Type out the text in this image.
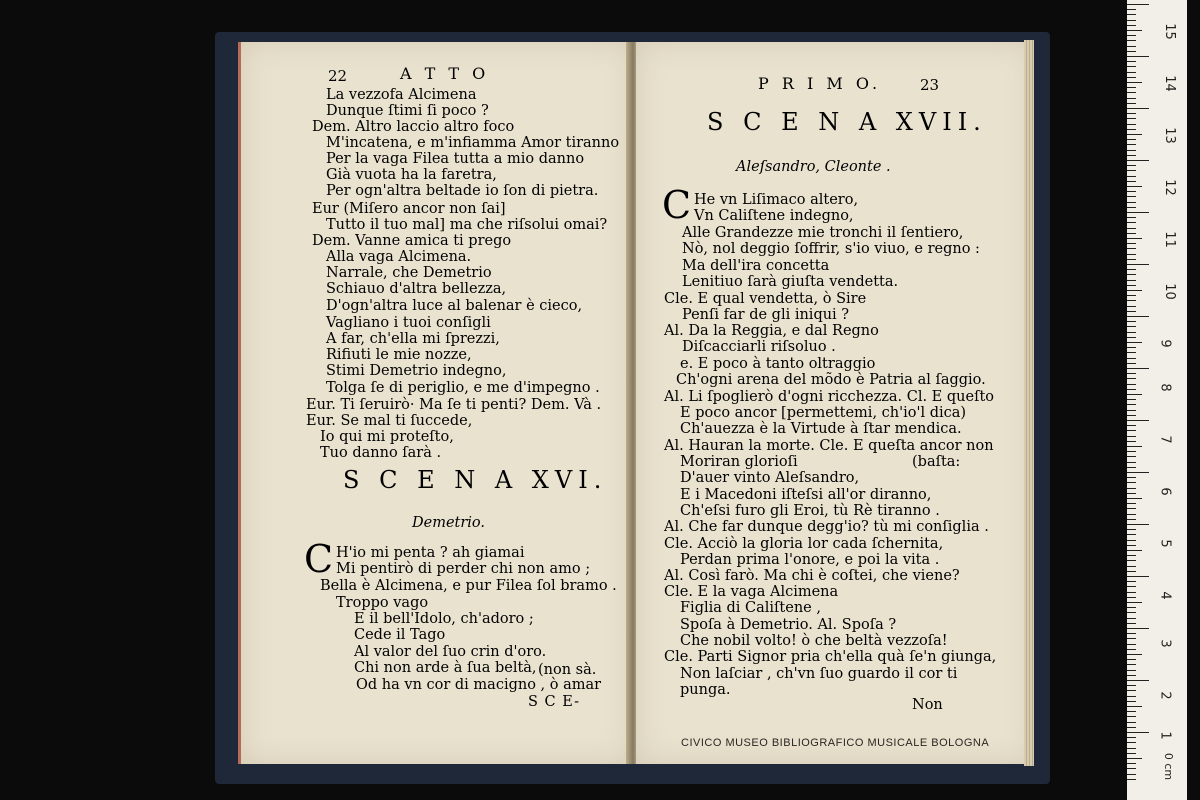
22	A T T O
La vezzofa Alcimena
Dunque ſtimi ſi poco ?
Dem. Altro laccio altro foco
M'incatena, e m'infiamma Amor tiranno
Per la vaga Filea tutta a mio danno
Già vuota ha la faretra,
Per ogn'altra beltade io ſon di pietra.
Eur (Miſero ancor non ſai]
Tutto il tuo mal] ma che riſsolui omai?
Dem. Vanne amica ti prego
Alla vaga Alcimena.
Narrale, che Demetrio
Schiauo d'altra bellezza,
D'ogn'altra luce al balenar è cieco,
Vagliano i tuoi conſigli
A far, ch'ella mi ſprezzi,
Rifiuti le mie nozze,
Stimi Demetrio indegno,
Tolga ſe di periglio, e me d'impegno .
Eur. Ti ſeruirò· Ma ſe ti penti? Dem. Và .
Eur. Se mal ti ſuccede,
Io qui mi proteſto,
Tuo danno ſarà .
S C E N A XVI.
Demetrio.
C H'io mi penta ? ah giamai
Mi pentirò di perder chi non amo ;
Bella è Alcimena, e pur Filea ſol bramo .
Troppo vago
E il bell'Idolo, ch'adoro ;
Cede il Tago
Al valor del ſuo crin d'oro.
Chi non arde à ſua beltà, (non sà.
Od ha vn cor di macigno , ò amar
S C E-
P R I M O.	23
S C E N A XVII.
Aleſsandro, Cleonte .
C He vn Liſimaco altero,
Vn Caliſtene indegno,
Alle Grandezze mie tronchi il ſentiero,
Nò, nol deggio ſoffrir, s'io viuo, e regno :
Ma dell'ira concetta
Lenitiuo ſarà giuſta vendetta.
Cle. E qual vendetta, ò Sire
Penſi far de gli iniqui ?
Al. Da la Reggia, e dal Regno
Diſcacciarli riſsoluo .
e. E poco à tanto oltraggio
Ch'ogni arena del mõdo è Patria al ſaggio.
Al. Li ſpoglierò d'ogni ricchezza. Cl. E queſto
E poco ancor [permettemi, ch'io'l dica)
Ch'auezza è la Virtude à ſtar mendica.
Al. Hauran la morte. Cle. E queſta ancor non
Moriran glorioſi	(baſta:
D'auer vinto Aleſsandro,
E i Macedoni iſteſsi all'or diranno,
Ch'eſsi furo gli Eroi, tù Rè tiranno .
Al. Che far dunque degg'io? tù mi conſiglia .
Cle. Acciò la gloria lor cada ſchernita,
Perdan prima l'onore, e poi la vita .
Al. Così farò. Ma chi è coſtei, che viene?
Cle. E la vaga Alcimena
Figlia di Caliſtene ,
Spoſa à Demetrio. Al. Spoſa ?
Che nobil volto! ò che beltà vezzoſa!
Cle. Parti Signor pria ch'ella quà ſe'n giunga,
Non laſciar , ch'vn ſuo guardo il cor ti
punga.
Non
CIVICO MUSEO BIBLIOGRAFICO MUSICALE BOLOGNA
15
14
13
12
11
10
9
8
7
6
5
4
3
2
1
0 cm
